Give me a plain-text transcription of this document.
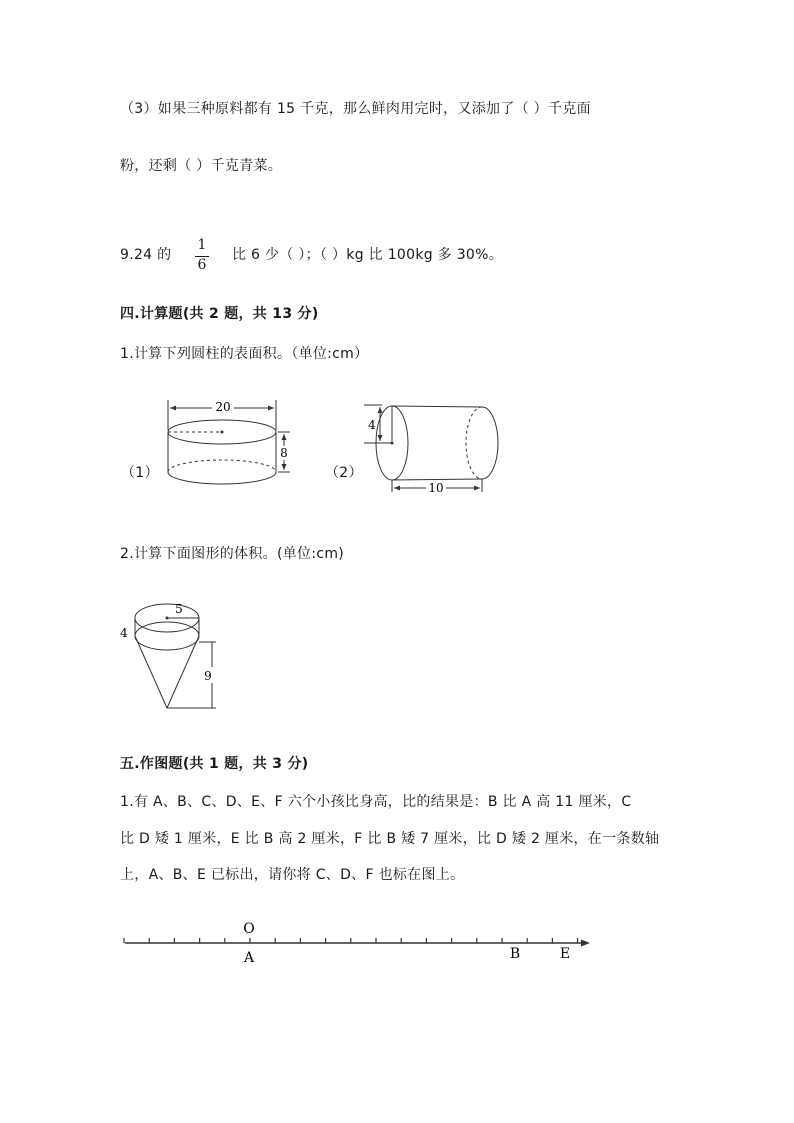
（3）如果三种原料都有 15 千克，那么鲜肉用完时，又添加了（ ）千克面
粉，还剩（ ）千克青菜。
9.24 的
1
6
比 6 少（ ）；（ ）kg 比 100kg 多 30%。
四.计算题(共 2 题，共 13 分)
1.计算下列圆柱的表面积。（单位:cm）
（1）
20
8
（2）
4
10
2.计算下面图形的体积。(单位:cm)
5
4
9
五.作图题(共 1 题，共 3 分)
1.有 A、B、C、D、E、F 六个小孩比身高，比的结果是：B 比 A 高 11 厘米，C
比 D 矮 1 厘米，E 比 B 高 2 厘米，F 比 B 矮 7 厘米，比 D 矮 2 厘米，在一条数轴
上，A、B、E 已标出，请你将 C、D、F 也标在图上。
O
A	B	E
